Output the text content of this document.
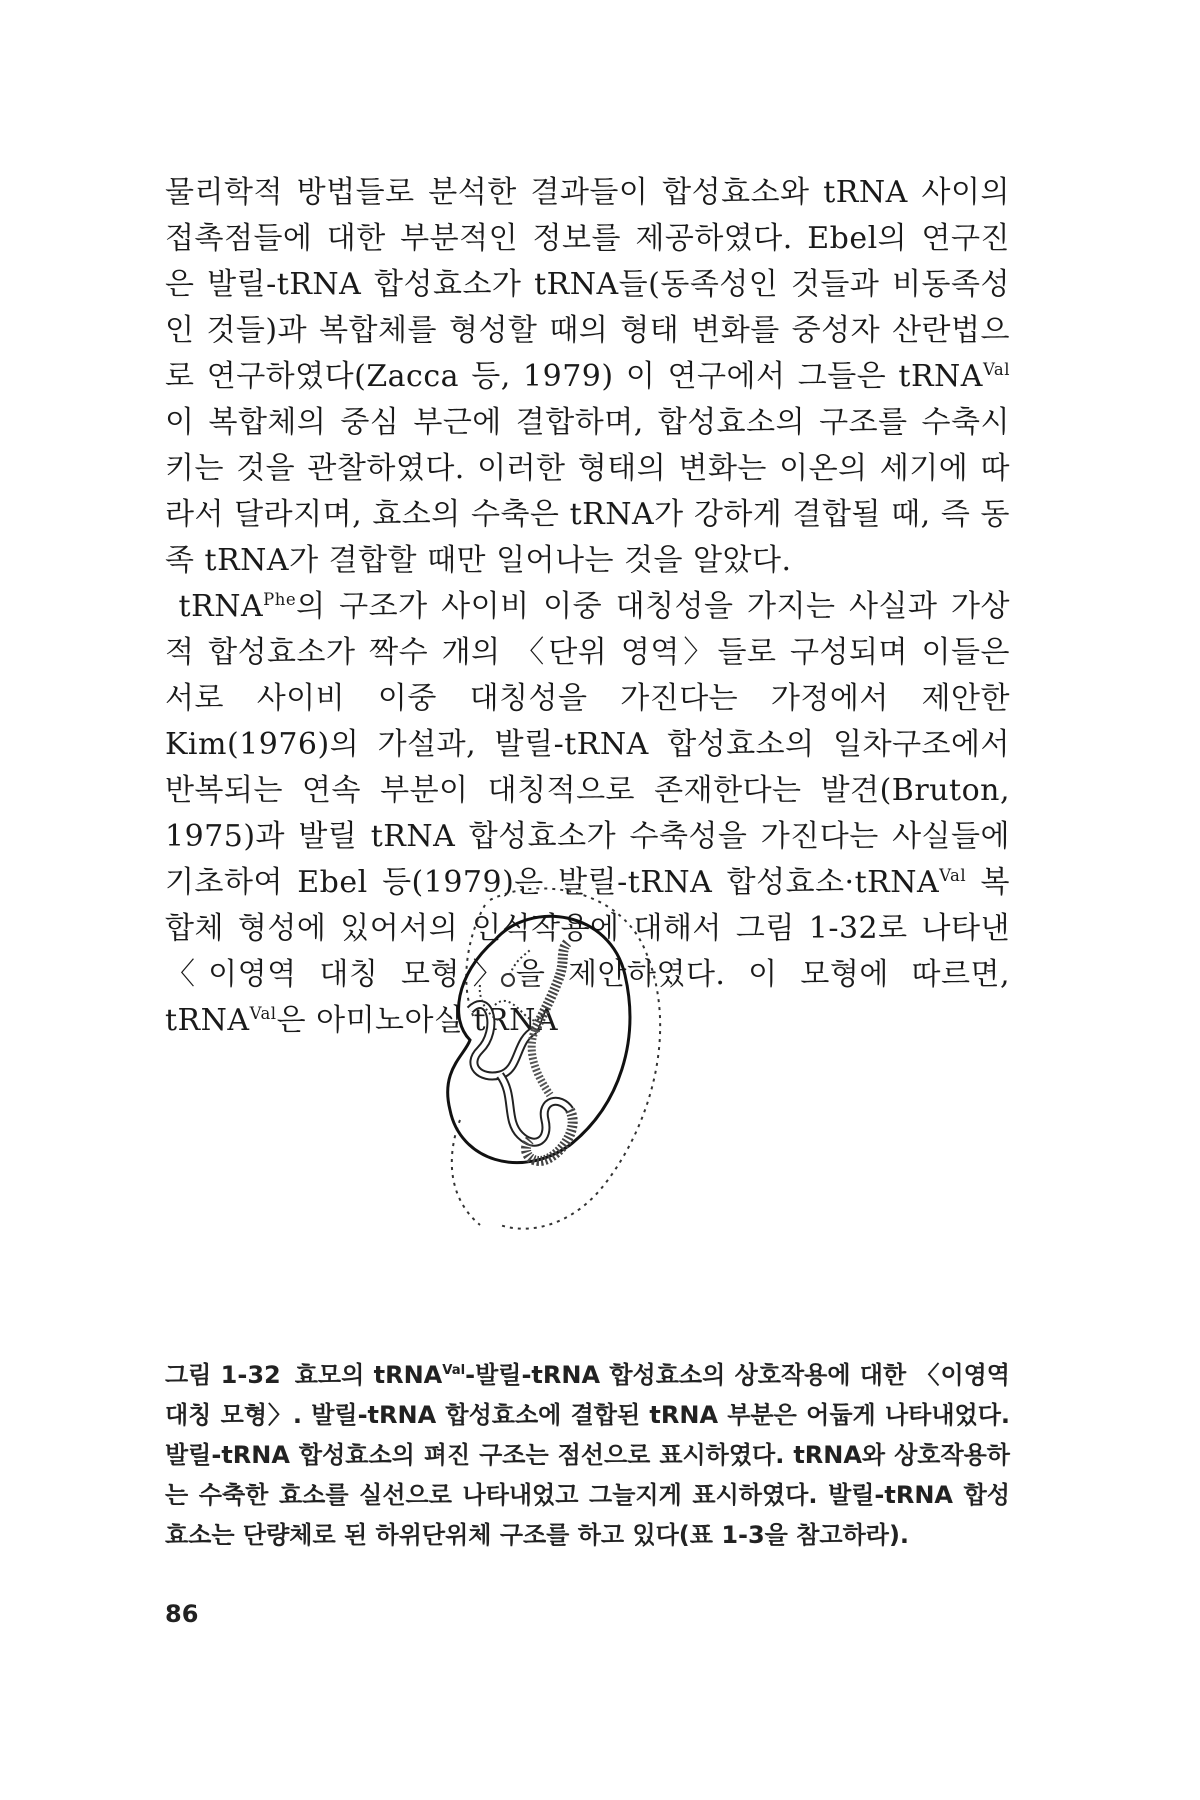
물리학적 방법들로 분석한 결과들이 합성효소와 tRNA 사이의 접촉점들에 대한 부분적인 정보를 제공하였다. Ebel의 연구진은 발릴-tRNA 합성효소가 tRNA들(동족성인 것들과 비동족성인 것들)과 복합체를 형성할 때의 형태 변화를 중성자 산란법으로 연구하였다(Zacca 등, 1979) 이 연구에서 그들은 tRNA$^{Val}$이 복합체의 중심 부근에 결합하며, 합성효소의 구조를 수축시키는 것을 관찰하였다. 이러한 형태의 변화는 이온의 세기에 따라서 달라지며, 효소의 수축은 tRNA가 강하게 결합될 때, 즉 동족 tRNA가 결합할 때만 일어나는 것을 알았다.

tRNA$^{Phe}$의 구조가 사이비 이중 대칭성을 가지는 사실과 가상적 합성효소가 짝수 개의 〈단위 영역〉들로 구성되며 이들은 서로 사이비 이중 대칭성을 가진다는 가정에서 제안한 Kim(1976)의 가설과, 발릴-tRNA 합성효소의 일차구조에서 반복되는 연속 부분이 대칭적으로 존재한다는 발견(Bruton, 1975)과 발릴 tRNA 합성효소가 수축성을 가진다는 사실들에 기초하여 Ebel 등(1979)은 발릴-tRNA 합성효소·tRNA$^{Val}$ 복합체 형성에 있어서의 인식작용에 대해서 그림 1-32로 나타낸 〈이영역 대칭 모형〉을 제안하였다. 이 모형에 따르면, tRNA$^{Val}$은 아미노아실 tRNA

그림 1-32 효모의 tRNA$^{Val}$-발릴-tRNA 합성효소의 상호작용에 대한 〈이영역 대칭 모형〉. 발릴-tRNA 합성효소에 결합된 tRNA 부분은 어둡게 나타내었다. 발릴-tRNA 합성효소의 펴진 구조는 점선으로 표시하였다. tRNA와 상호작용하는 수축한 효소를 실선으로 나타내었고 그늘지게 표시하였다. 발릴-tRNA 합성효소는 단량체로 된 하위단위체 구조를 하고 있다(표 1-3을 참고하라).
86
